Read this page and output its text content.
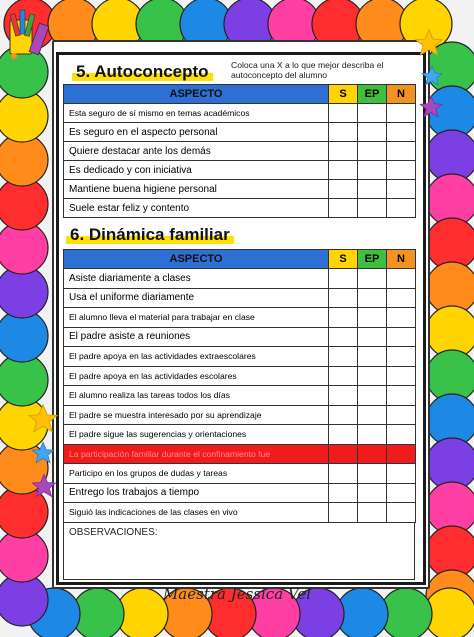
5. Autoconcepto	Coloca una X a lo que mejor describa el
autoconcepto del alumno
ASPECTO	S	EP	N
Esta seguro de sí mismo en temas académicos			
Es seguro en el aspecto personal			
Quiere destacar ante los demás			
Es dedicado y con iniciativa			
Mantiene buena higiene personal			
Suele estar feliz y contento			
6. Dinámica familiar
ASPECTO	S	EP	N
Asiste diariamente a clases			
Usa el uniforme diariamente			
El alumno lleva el material para trabajar en clase			
El padre asiste a reuniones			
El padre apoya en las actividades extraescolares			
El padre apoya en las actividades escolares			
El alumno realiza las tareas todos los días			
El padre se muestra interesado por su aprendizaje			
El padre sigue las sugerencias y orientaciones			
La participación familiar durante el confinamiento fue			
Participo en los grupos de dudas y tareas			
Entrego los trabajos a tiempo			
Siguió las indicaciones de las clases en vivo			
OBSERVACIONES:
Maestra Jessica Vel
